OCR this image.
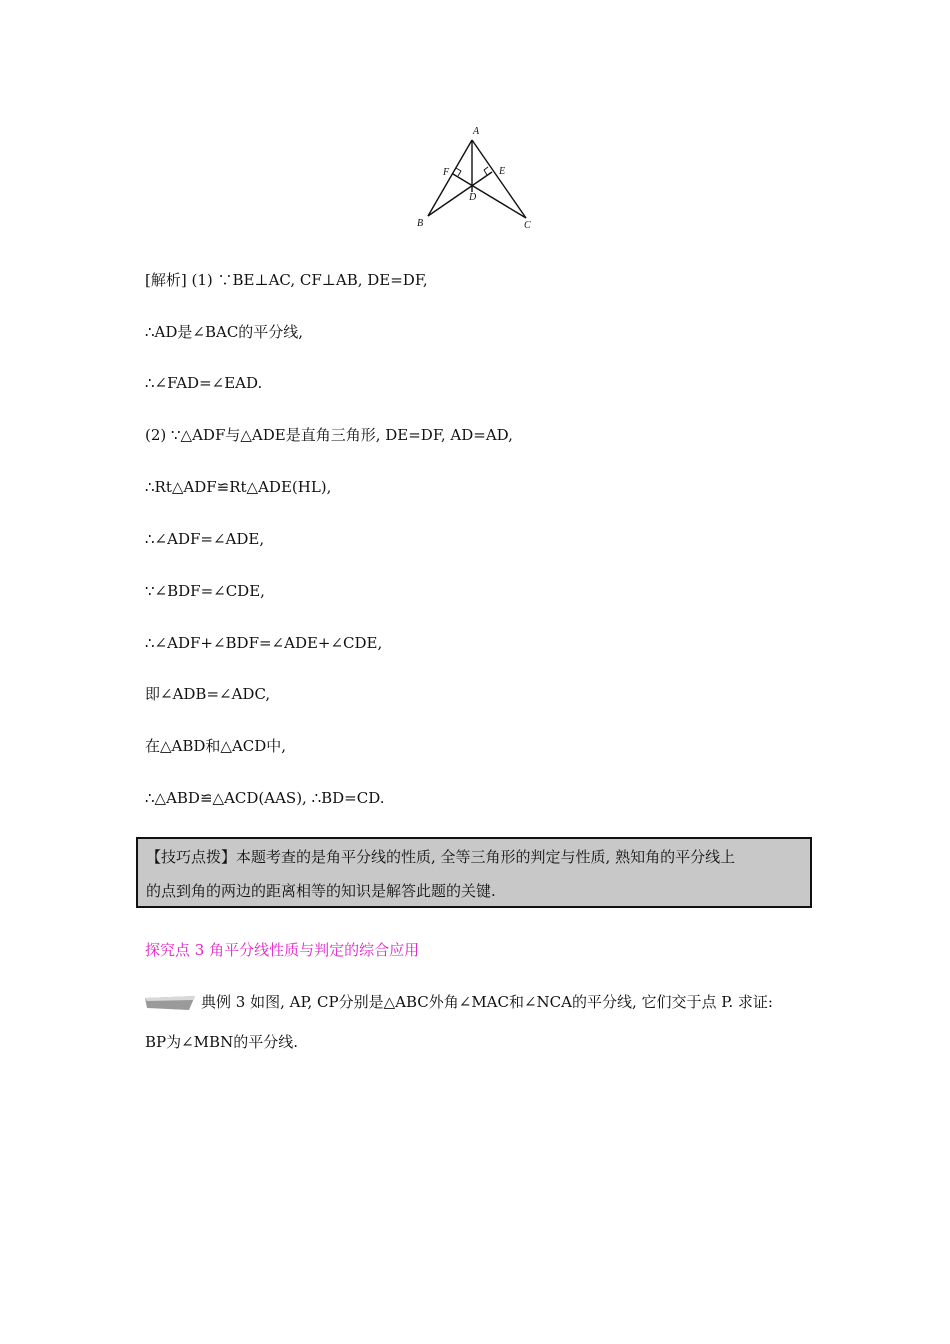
A
B	C
D
E
F
[解析] (1) ∵BE⊥AC, CF⊥AB, DE=DF,
∴AD是∠BAC的平分线,
∴∠FAD=∠EAD.
(2) ∵△ADF与△ADE是直角三角形, DE=DF, AD=AD,
∴Rt△ADF≌Rt△ADE(HL),
∴∠ADF=∠ADE,
∵∠BDF=∠CDE,
∴∠ADF+∠BDF=∠ADE+∠CDE,
即∠ADB=∠ADC,
在△ABD和△ACD中,
∴△ABD≌△ACD(AAS), ∴BD=CD.
【技巧点拨】本题考查的是角平分线的性质, 全等三角形的判定与性质, 熟知角的平分线上
的点到角的两边的距离相等的知识是解答此题的关键.
探究点 3 角平分线性质与判定的综合应用
典例 3 如图, AP, CP分别是△ABC外角∠MAC和∠NCA的平分线, 它们交于点 P. 求证:
BP为∠MBN的平分线.
